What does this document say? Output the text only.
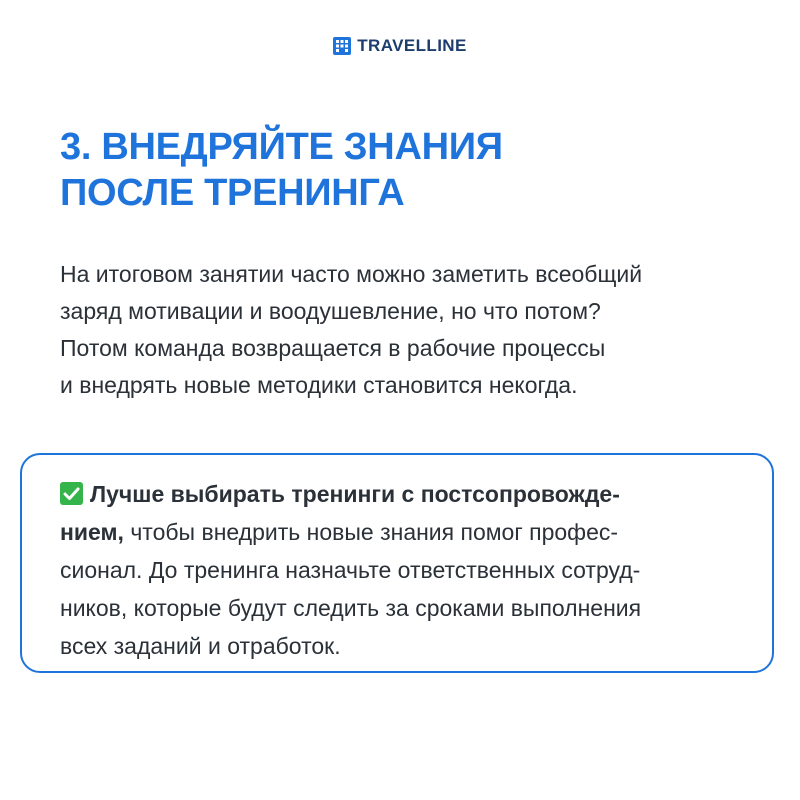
TRAVELLINE
3. ВНЕДРЯЙТЕ ЗНАНИЯ
ПОСЛЕ ТРЕНИНГА

На итоговом занятии часто можно заметить всеобщий
заряд мотивации и воодушевление, но что потом?
Потом команда возвращается в рабочие процессы
и внедрять новые методики становится некогда.

Лучше выбирать тренинги с постсопровожде-
нием, чтобы внедрить новые знания помог профес-
сионал. До тренинга назначьте ответственных сотруд-
ников, которые будут следить за сроками выполнения
всех заданий и отработок.
